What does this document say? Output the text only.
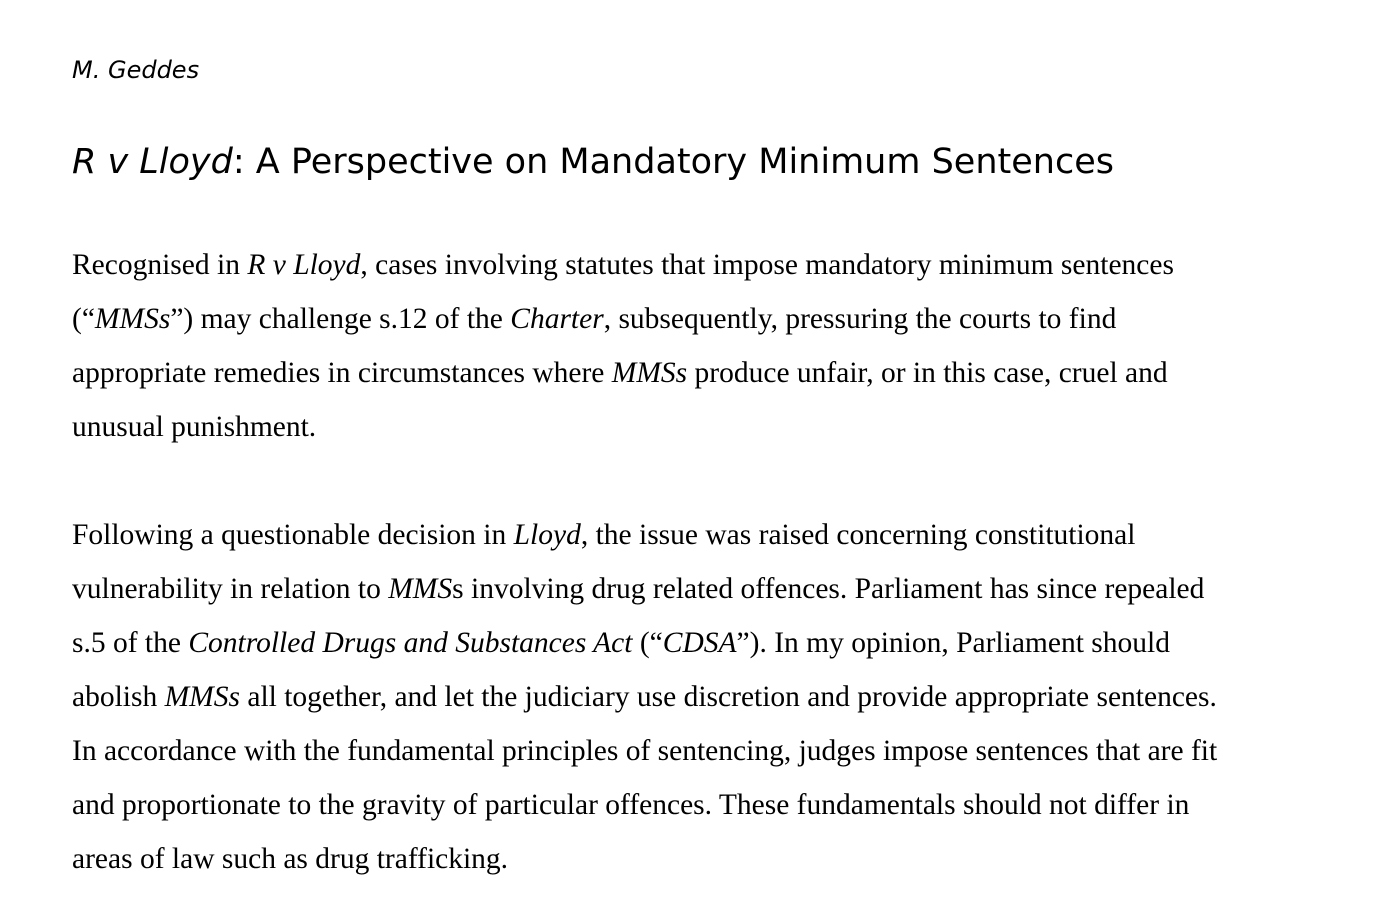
M. Geddes
R v Lloyd: A Perspective on Mandatory Minimum Sentences

Recognised in R v Lloyd, cases involving statutes that impose mandatory minimum sentences
(“MMSs”) may challenge s.12 of the Charter, subsequently, pressuring the courts to find
appropriate remedies in circumstances where MMSs produce unfair, or in this case, cruel and
unusual punishment.

Following a questionable decision in Lloyd, the issue was raised concerning constitutional
vulnerability in relation to MMSs involving drug related offences. Parliament has since repealed
s.5 of the Controlled Drugs and Substances Act (“CDSA”). In my opinion, Parliament should
abolish MMSs all together, and let the judiciary use discretion and provide appropriate sentences.
In accordance with the fundamental principles of sentencing, judges impose sentences that are fit
and proportionate to the gravity of particular offences. These fundamentals should not differ in
areas of law such as drug trafficking.
